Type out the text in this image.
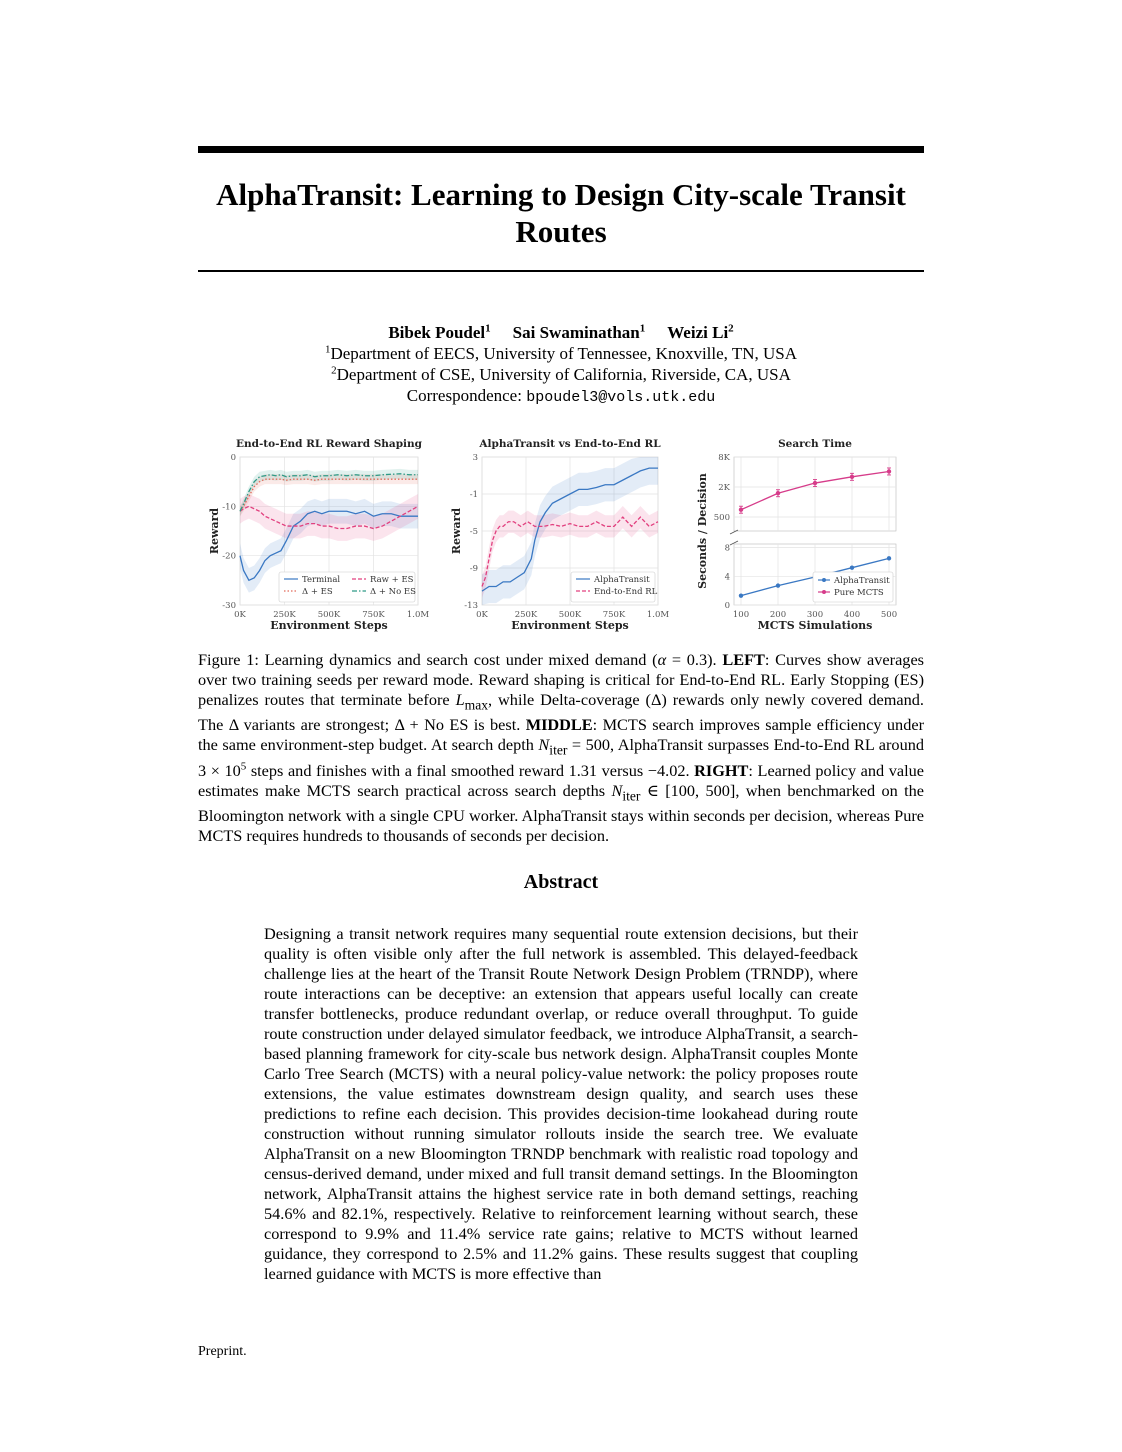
AlphaTransit: Learning to Design City-scale Transit Routes
Bibek Poudel$^1$ Sai Swaminathan$^1$ Weizi Li$^2$
$^1$Department of EECS, University of Tennessee, Knoxville, TN, USA
$^2$Department of CSE, University of California, Riverside, CA, USA
Correspondence: bpoudel3@vols.utk.edu
End-to-End RL Reward Shaping
0K	250K	500K	750K	1.0M
0
-10
-20
-30
Environment Steps
Reward
Terminal	Raw + ES
Δ + ES	Δ + No ES
AlphaTransit vs End-to-End RL
0K	250K	500K	750K	1.0M
3
-1
-5
-9
-13
Environment Steps
Reward
AlphaTransit
End-to-End RL
Search Time
100 200 300 400 500
8K
2K
500
8
4
0
MCTS Simulations
Seconds / Decision	AlphaTransit
Pure MCTS
Figure 1: Learning dynamics and search cost under mixed demand (α = 0.3). LEFT: Curves show averages over two training seeds per reward mode. Reward shaping is critical for End-to-End RL. Early Stopping (ES) penalizes routes that terminate before $L_{max}$, while Delta-coverage (Δ) rewards only newly covered demand. The Δ variants are strongest; Δ + No ES is best. MIDDLE: MCTS search improves sample efficiency under the same environment-step budget. At search depth $N_{iter} = 500$, AlphaTransit surpasses End-to-End RL around $3 \times 10^5$ steps and finishes with a final smoothed reward 1.31 versus −4.02. RIGHT: Learned policy and value estimates make MCTS search practical across search depths $N_{iter}$ ∈ [100, 500], when benchmarked on the Bloomington network with a single CPU worker. AlphaTransit stays within seconds per decision, whereas Pure MCTS requires hundreds to thousands of seconds per decision.
Abstract
Designing a transit network requires many sequential route extension decisions, but their quality is often visible only after the full network is assembled. This delayed-feedback challenge lies at the heart of the Transit Route Network Design Problem (TRNDP), where route interactions can be deceptive: an extension that appears useful locally can create transfer bottlenecks, produce redundant overlap, or reduce overall throughput. To guide route construction under delayed simulator feedback, we introduce AlphaTransit, a search-based planning framework for city-scale bus network design. AlphaTransit couples Monte Carlo Tree Search (MCTS) with a neural policy-value network: the policy proposes route extensions, the value estimates downstream design quality, and search uses these predictions to refine each decision. This provides decision-time lookahead during route construction without running simulator rollouts inside the search tree. We evaluate AlphaTransit on a new Bloomington TRNDP benchmark with realistic road topology and census-derived demand, under mixed and full transit demand settings. In the Bloomington network, AlphaTransit attains the highest service rate in both demand settings, reaching 54.6% and 82.1%, respectively. Relative to reinforcement learning without search, these correspond to 9.9% and 11.4% service rate gains; relative to MCTS without learned guidance, they correspond to 2.5% and 11.2% gains. These results suggest that coupling learned guidance with MCTS is more effective than
Preprint.
